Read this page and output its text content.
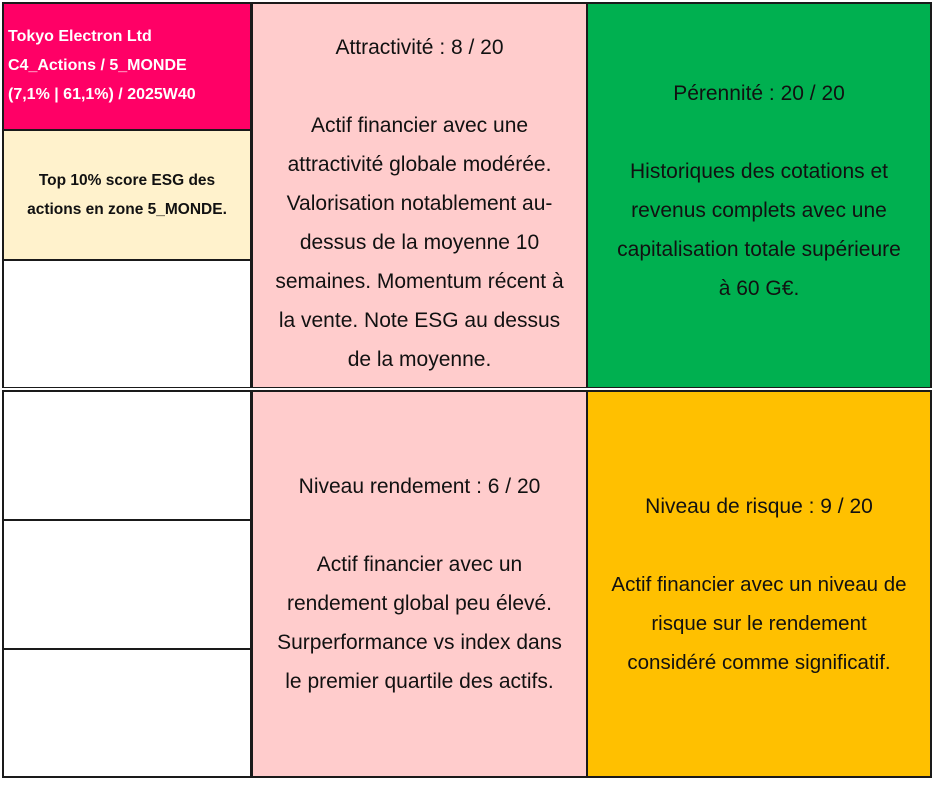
Tokyo Electron Ltd
C4_Actions / 5_MONDE
(7,1% | 61,1%) / 2025W40
Top 10% score ESG des actions en zone 5_MONDE.
Attractivité : 8 / 20
Actif financier avec une
attractivité globale modérée.
Valorisation notablement au-
dessus de la moyenne 10
semaines. Momentum récent à
la vente. Note ESG au dessus
de la moyenne.
Pérennité : 20 / 20
Historiques des cotations et
revenus complets avec une
capitalisation totale supérieure
à 60 G€.
Niveau rendement : 6 / 20
Actif financier avec un
rendement global peu élevé.
Surperformance vs index dans
le premier quartile des actifs.
Niveau de risque : 9 / 20
Actif financier avec un niveau de
risque sur le rendement
considéré comme significatif.
